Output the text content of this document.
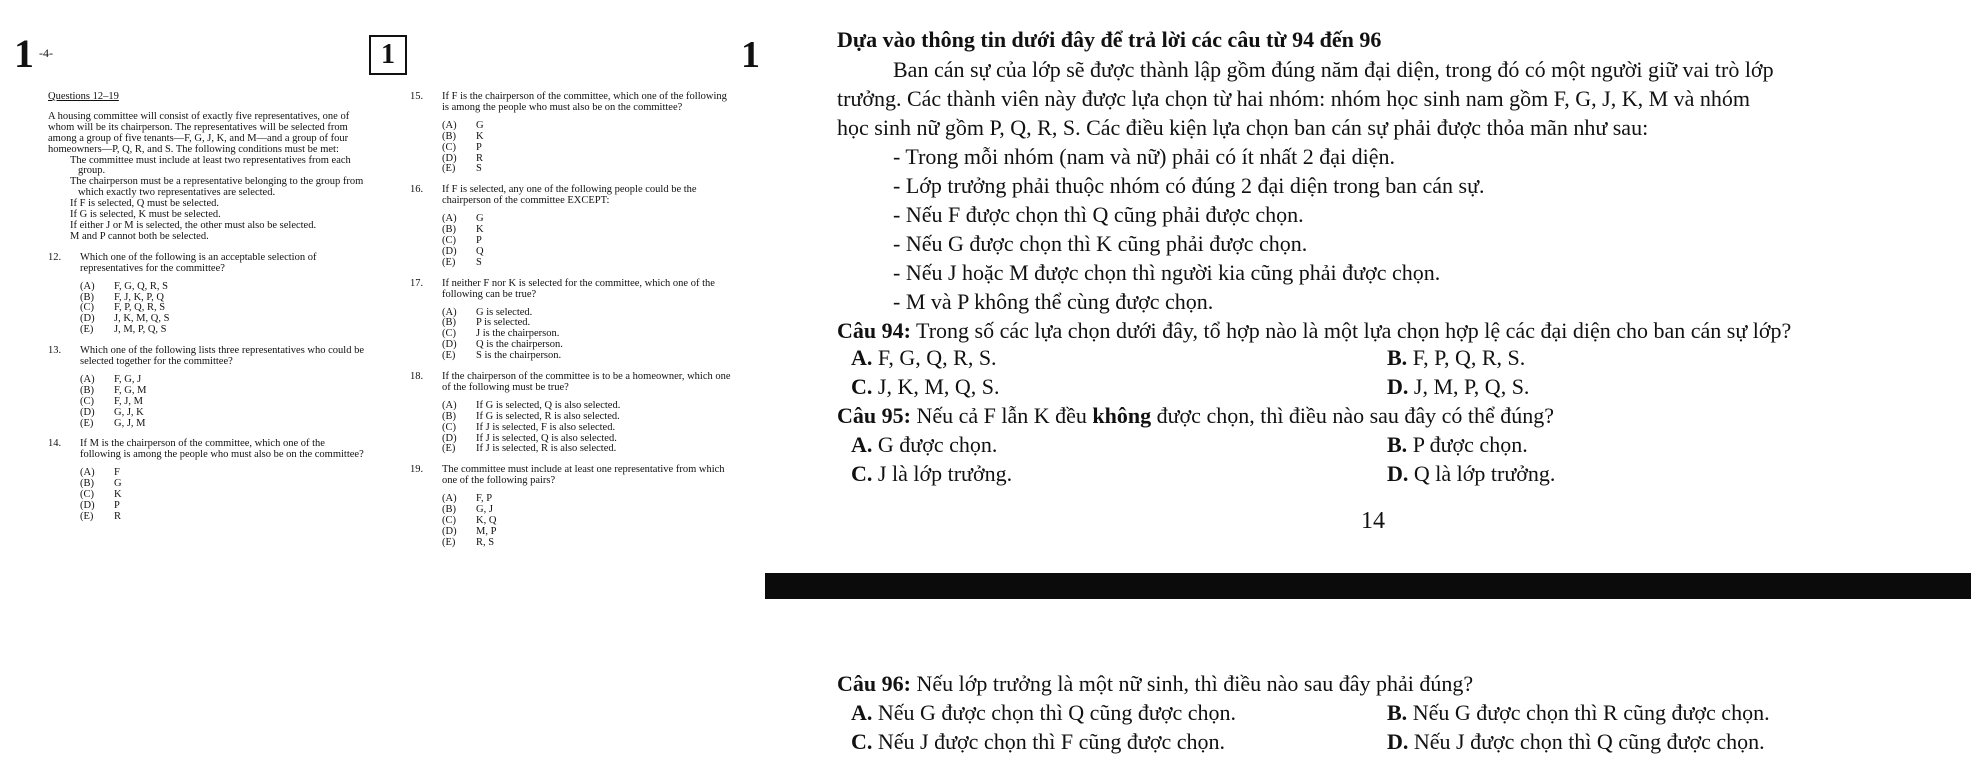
1 -4-	1

Questions 12–19

A housing committee will consist of exactly five representatives, one of whom will be its chairperson. The representatives will be selected from among a group of five tenants—F, G, J, K, and M—and a group of four homeowners—P, Q, R, and S. The following conditions must be met:

The committee must include at least two representatives from each group.

The chairperson must be a representative belonging to the group from which exactly two representatives are selected.

If F is selected, Q must be selected.

If G is selected, K must be selected.

If either J or M is selected, the other must also be selected.

M and P cannot both be selected.

12.	Which one of the following is an acceptable selection of representatives for the committee?
(A)	F, G, Q, R, S
(B)	F, J, K, P, Q
(C)	F, P, Q, R, S
(D)	J, K, M, Q, S
(E)	J, M, P, Q, S
13.	Which one of the following lists three representatives who could be selected together for the committee?
(A)	F, G, J
(B)	F, G, M
(C)	F, J, M
(D)	G, J, K
(E)	G, J, M
14.	If M is the chairperson of the committee, which one of the following is among the people who must also be on the committee?
(A)	F
(B)	G
(C)	K
(D)	P
(E)	R
15.	If F is the chairperson of the committee, which one of the following is among the people who must also be on the committee?
(A)	G
(B)	K
(C)	P
(D)	R
(E)	S
16.	If F is selected, any one of the following people could be the chairperson of the committee EXCEPT:
(A)	G
(B)	K
(C)	P
(D)	Q
(E)	S
17.	If neither F nor K is selected for the committee, which one of the following can be true?
(A)	G is selected.
(B)	P is selected.
(C)	J is the chairperson.
(D)	Q is the chairperson.
(E)	S is the chairperson.
18.	If the chairperson of the committee is to be a homeowner, which one of the following must be true?
(A)	If G is selected, Q is also selected.
(B)	If G is selected, R is also selected.
(C)	If J is selected, F is also selected.
(D)	If J is selected, Q is also selected.
(E)	If J is selected, R is also selected.
19.	The committee must include at least one representative from which one of the following pairs?
(A)	F, P
(B)	G, J
(C)	K, Q
(D)	M, P
(E)	R, S
1	Dựa vào thông tin dưới đây để trả lời các câu từ 94 đến 96
Ban cán sự của lớp sẽ được thành lập gồm đúng năm đại diện, trong đó có một người giữ vai trò lớp
trưởng. Các thành viên này được lựa chọn từ hai nhóm: nhóm học sinh nam gồm F, G, J, K, M và nhóm
học sinh nữ gồm P, Q, R, S. Các điều kiện lựa chọn ban cán sự phải được thỏa mãn như sau:
- Trong mỗi nhóm (nam và nữ) phải có ít nhất 2 đại diện.
- Lớp trưởng phải thuộc nhóm có đúng 2 đại diện trong ban cán sự.
- Nếu F được chọn thì Q cũng phải được chọn.
- Nếu G được chọn thì K cũng phải được chọn.
- Nếu J hoặc M được chọn thì người kia cũng phải được chọn.
- M và P không thể cùng được chọn.
Câu 94: Trong số các lựa chọn dưới đây, tổ hợp nào là một lựa chọn hợp lệ các đại diện cho ban cán sự lớp?
A. F, G, Q, R, S.	B. F, P, Q, R, S.
C. J, K, M, Q, S.	D. J, M, P, Q, S.
Câu 95: Nếu cả F lẫn K đều không được chọn, thì điều nào sau đây có thể đúng?
A. G được chọn.	B. P được chọn.
C. J là lớp trưởng.	D. Q là lớp trưởng.
14
Câu 96: Nếu lớp trưởng là một nữ sinh, thì điều nào sau đây phải đúng?
A. Nếu G được chọn thì Q cũng được chọn.	B. Nếu G được chọn thì R cũng được chọn.
C. Nếu J được chọn thì F cũng được chọn.	D. Nếu J được chọn thì Q cũng được chọn.
